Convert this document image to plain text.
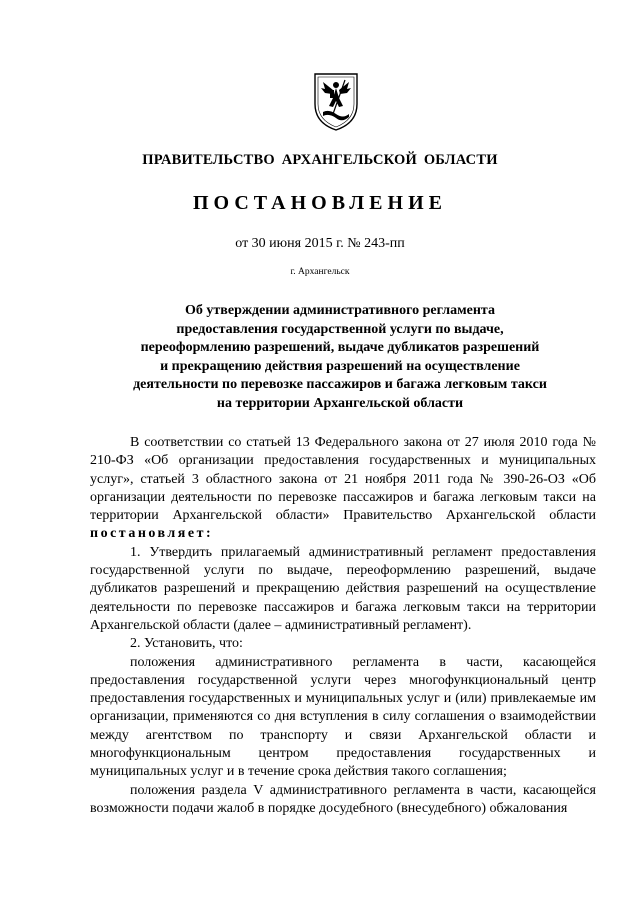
ПРАВИТЕЛЬСТВО АРХАНГЕЛЬСКОЙ ОБЛАСТИ
ПОСТАНОВЛЕНИЕ
от 30 июня 2015 г. № 243-пп
г. Архангельск
Об утверждении административного регламента
предоставления государственной услуги по выдаче,
переоформлению разрешений, выдаче дубликатов разрешений
и прекращению действия разрешений на осуществление
деятельности по перевозке пассажиров и багажа легковым такси
на территории Архангельской области

В соответствии со статьей 13 Федерального закона от 27 июля 2010 года № 210-ФЗ «Об организации предоставления государственных и муниципальных услуг», статьей 3 областного закона от 21 ноября 2011 года № 390-26-ОЗ «Об организации деятельности по перевозке пассажиров и багажа легковым такси на территории Архангельской области» Правительство Архангельской области постановляет:

1. Утвердить прилагаемый административный регламент предоставления государственной услуги по выдаче, переоформлению разрешений, выдаче дубликатов разрешений и прекращению действия разрешений на осуществление деятельности по перевозке пассажиров и багажа легковым такси на территории Архангельской области (далее – административный регламент).

2. Установить, что:

положения административного регламента в части, касающейся предоставления государственной услуги через многофункциональный центр предоставления государственных и муниципальных услуг и (или) привлекаемые им организации, применяются со дня вступления в силу соглашения о взаимодействии между агентством по транспорту и связи Архангельской области и многофункциональным центром предоставления государственных и муниципальных услуг и в течение срока действия такого соглашения;

положения раздела V административного регламента в части, касающейся возможности подачи жалоб в порядке досудебного (внесудебного) обжалования
